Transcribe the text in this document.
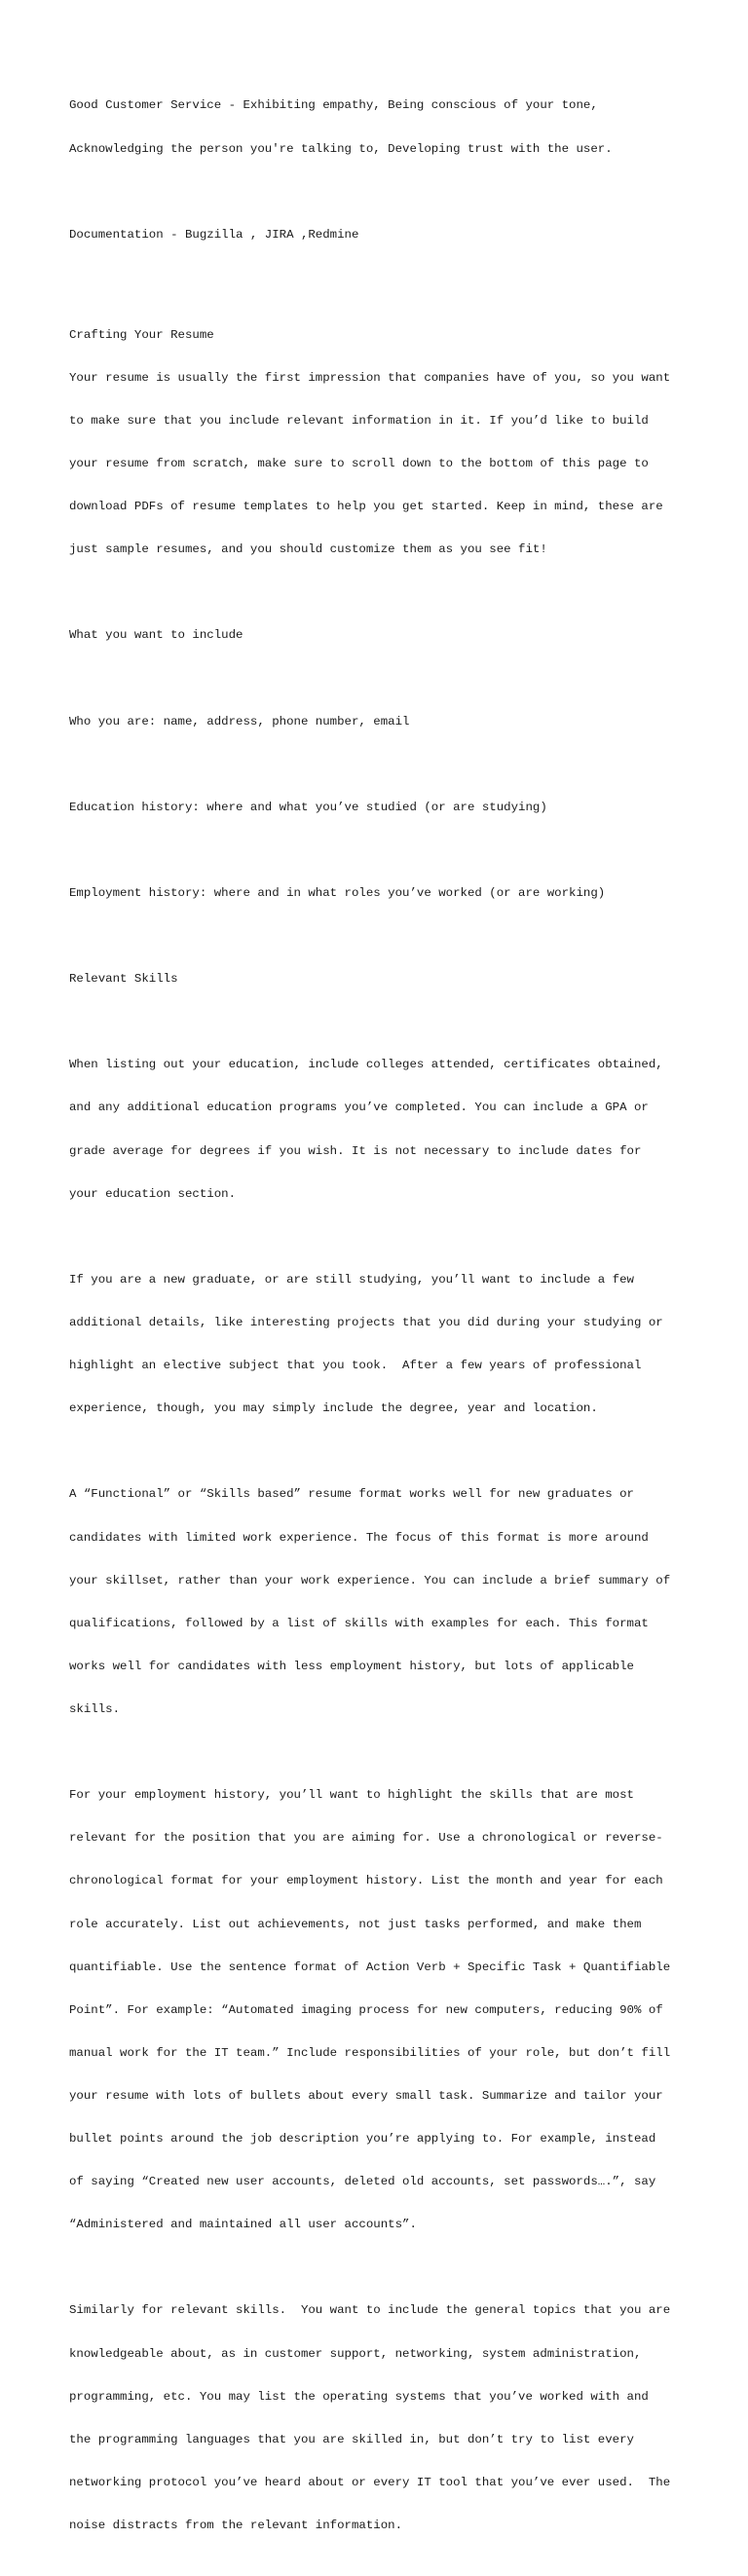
Good Customer Service - Exhibiting empathy, Being conscious of your tone,

Acknowledging the person you're talking to, Developing trust with the user.

Documentation - Bugzilla , JIRA ,Redmine

Crafting Your Resume

Your resume is usually the first impression that companies have of you, so you want

to make sure that you include relevant information in it. If you’d like to build

your resume from scratch, make sure to scroll down to the bottom of this page to

download PDFs of resume templates to help you get started. Keep in mind, these are

just sample resumes, and you should customize them as you see fit!

What you want to include

Who you are: name, address, phone number, email

Education history: where and what you’ve studied (or are studying)

Employment history: where and in what roles you’ve worked (or are working)

Relevant Skills

When listing out your education, include colleges attended, certificates obtained,

and any additional education programs you’ve completed. You can include a GPA or

grade average for degrees if you wish. It is not necessary to include dates for

your education section.

If you are a new graduate, or are still studying, you’ll want to include a few

additional details, like interesting projects that you did during your studying or

highlight an elective subject that you took.  After a few years of professional

experience, though, you may simply include the degree, year and location.

A “Functional” or “Skills based” resume format works well for new graduates or

candidates with limited work experience. The focus of this format is more around

your skillset, rather than your work experience. You can include a brief summary of

qualifications, followed by a list of skills with examples for each. This format

works well for candidates with less employment history, but lots of applicable

skills.

For your employment history, you’ll want to highlight the skills that are most

relevant for the position that you are aiming for. Use a chronological or reverse-

chronological format for your employment history. List the month and year for each

role accurately. List out achievements, not just tasks performed, and make them

quantifiable. Use the sentence format of Action Verb + Specific Task + Quantifiable

Point”. For example: “Automated imaging process for new computers, reducing 90% of

manual work for the IT team.” Include responsibilities of your role, but don’t fill

your resume with lots of bullets about every small task. Summarize and tailor your

bullet points around the job description you’re applying to. For example, instead

of saying “Created new user accounts, deleted old accounts, set passwords….”, say

“Administered and maintained all user accounts”.

Similarly for relevant skills.  You want to include the general topics that you are

knowledgeable about, as in customer support, networking, system administration,

programming, etc. You may list the operating systems that you’ve worked with and

the programming languages that you are skilled in, but don’t try to list every

networking protocol you’ve heard about or every IT tool that you’ve ever used.  The

noise distracts from the relevant information.
